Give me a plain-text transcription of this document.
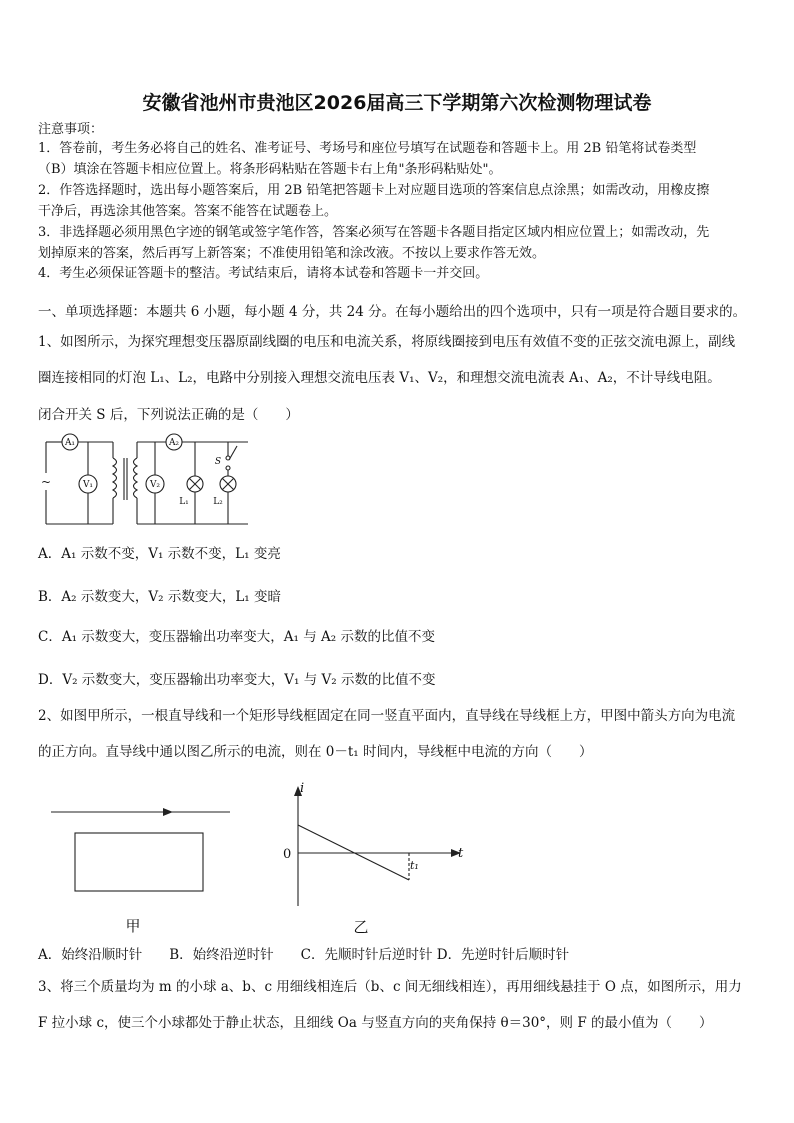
安徽省池州市贵池区2026届高三下学期第六次检测物理试卷
注意事项：
1．答卷前，考生务必将自己的姓名、准考证号、考场号和座位号填写在试题卷和答题卡上。用 2B 铅笔将试卷类型
（B）填涂在答题卡相应位置上。将条形码粘贴在答题卡右上角"条形码粘贴处"。
2．作答选择题时，选出每小题答案后，用 2B 铅笔把答题卡上对应题目选项的答案信息点涂黑；如需改动，用橡皮擦
干净后，再选涂其他答案。答案不能答在试题卷上。
3．非选择题必须用黑色字迹的钢笔或签字笔作答，答案必须写在答题卡各题目指定区域内相应位置上；如需改动，先
划掉原来的答案，然后再写上新答案；不准使用铅笔和涂改液。不按以上要求作答无效。
4．考生必须保证答题卡的整洁。考试结束后，请将本试卷和答题卡一并交回。
一、单项选择题：本题共 6 小题，每小题 4 分，共 24 分。在每小题给出的四个选项中，只有一项是符合题目要求的。
1、如图所示，为探究理想变压器原副线圈的电压和电流关系，将原线圈接到电压有效值不变的正弦交流电源上，副线
圈连接相同的灯泡 L₁、L₂，电路中分别接入理想交流电压表 V₁、V₂，和理想交流电流表 A₁、A₂，不计导线电阻。
闭合开关 S 后，下列说法正确的是（　　）
A₁	A₂
V₁	V₂
L₁	L₂
S
~
A．A₁ 示数不变，V₁ 示数不变，L₁ 变亮
B．A₂ 示数变大，V₂ 示数变大，L₁ 变暗
C．A₁ 示数变大，变压器输出功率变大，A₁ 与 A₂ 示数的比值不变
D．V₂ 示数变大，变压器输出功率变大，V₁ 与 V₂ 示数的比值不变
2、如图甲所示，一根直导线和一个矩形导线框固定在同一竖直平面内，直导线在导线框上方，甲图中箭头方向为电流
的正方向。直导线中通以图乙所示的电流，则在 0－t₁ 时间内，导线框中电流的方向（　　）
甲
i
t
0
t₁
乙
A．始终沿顺时针　　B．始终沿逆时针　　C．先顺时针后逆时针 D．先逆时针后顺时针
3、将三个质量均为 m 的小球 a、b、c 用细线相连后（b、c 间无细线相连），再用细线悬挂于 O 点，如图所示，用力
F 拉小球 c，使三个小球都处于静止状态，且细线 Oa 与竖直方向的夹角保持 θ＝30°，则 F 的最小值为（　　）
